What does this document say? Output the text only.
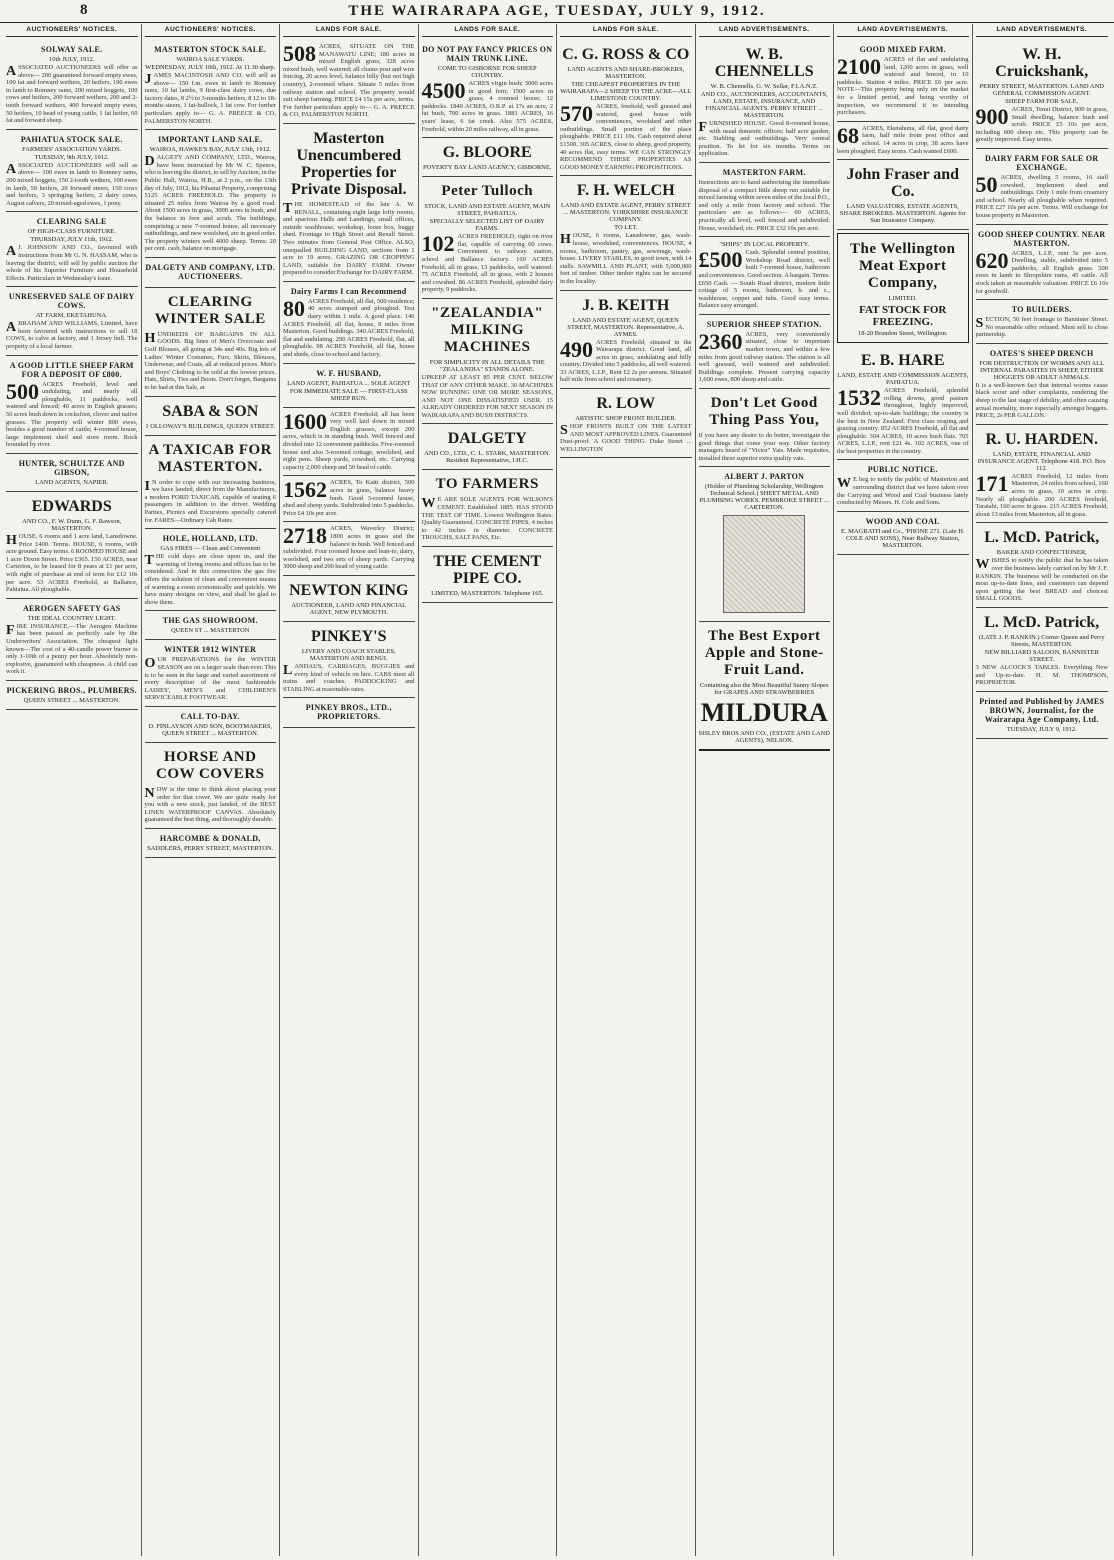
8	THE WAIRARAPA AGE, TUESDAY, JULY 9, 1912.
AUCTIONEERS' NOTICES.
SOLWAY SALE.
10th JULY, 1912.

ASSOCIATED AUCTIONEERS will offer as above— 200 guaranteed forward empty ewes, 100 fat and forward wethers, 20 heifers, 190 ewes in lamb to Romney rams, 200 mixed hoggets, 100 cows and heifers, 200 forward wethers, 200 and 2-tooth forward wethers, 400 forward empty ewes, 50 heifers, 10 head of young cattle, 1 fat heifer, 60 fat and forward sheep.

PAHIATUA STOCK SALE.
FARMERS' ASSOCIATION YARDS.
TUESDAY, 9th JULY, 1912.

ASSOCIATED AUCTIONEERS will sell as above— 100 ewes in lamb to Romney rams, 200 mixed hoggets, 150 2-tooth wethers, 100 ewes in lamb, 50 heifers, 20 forward steers, 150 cows and heifers, 3 springing heifers, 2 dairy cows, August calvers, 20 mixed-aged ewes, 1 pony.

CLEARING SALE
OF HIGH-CLASS FURNITURE.
THURSDAY, JULY 11th, 1912.

A J. JOHNSON AND CO., favoured with instructions from Mr G. N. HASSAM, who is leaving the district, will sell by public auction the whole of his Superior Furniture and Household Effects. Particulars in Wednesday's issue.

UNRESERVED SALE OF DAIRY COWS.
AT FARM, EKETAHUNA.

ABRAHAM AND WILLIAMS, Limited, have been favoured with instructions to sell 18 COWS, to calve at factory, and 1 Jersey bull. The property of a local farmer.

A GOOD LITTLE SHEEP FARM FOR A DEPOSIT OF £800.

500 ACRES Freehold, level and undulating, and nearly all ploughable, 11 paddocks, well watered and fenced; 40 acres in English grasses; 50 acres bush down in cocksfoot, clover and native grasses. The property will winter 800 ewes, besides a good number of cattle; 4-roomed house, large implement shed and store room. Rock bounded by river.

HUNTER, SCHULTZE AND GIBSON,
LAND AGENTS, NAPIER.
EDWARDS
AND CO., F. W. Dunn, G. F. Rawson, MASTERTON.

HOUSE, 6 rooms and 1 acre land, Lansdowne. Price £400. Terms. HOUSE, 6 rooms, with acre ground. Easy terms. 6 ROOMED HOUSE and 1 acre Dixon Street. Price £365. 150 ACRES, near Carterton, to be leased for 8 years at £1 per acre, with right of purchase at end of term for £12 10s per acre. 53 ACRES Freehold, at Ballance, Pahiatua. All ploughable.

AEROGEN SAFETY GAS
THE IDEAL COUNTRY LIGHT.

FIRE INSURANCE.—The Aerogen Machine has been passed as perfectly safe by the Underwriters' Association. The cheapest light known—The cost of a 40-candle power burner is only 1-10th of a penny per hour. Absolutely non-explosive, guaranteed with cheapness. A child can work it.

PICKERING BROS., PLUMBERS.
QUEEN STREET ... MASTERTON.
AUCTIONEERS' NOTICES.
MASTERTON STOCK SALE.
WAIROA SALE YARDS.
WEDNESDAY, JULY 10th, 1912. At 11.30 sharp.

JAMES MACINTOSH AND CO. will sell as above— 150 f.m. ewes in lamb to Romney rams, 10 fat lambs, 9 first-class dairy cows, due factory dates, 8 2½ to 3-months heifers, 8 12 to 18-months steers, 1 fat-bullock, 1 fat cow. For further particulars apply to— G. A. PREECE & CO, PALMERSTON NORTH.

IMPORTANT LAND SALE.
WAIROA, HAWKE'S BAY, JULY 13th, 1912.

DALGETY AND COMPANY, LTD., Wairoa, have been instructed by Mr W. C. Spence, who is leaving the district, to sell by Auction, in the Public Hall, Wairoa, H.B., at 2 p.m., on the 13th day of July, 1912, his Pihanui Property, comprising 5125 ACRES FREEHOLD. The property is situated 25 miles from Wairoa by a good road. About 1500 acres in grass, 3000 acres in bush, and the balance in fern and scrub. The buildings, comprising a new 7-roomed house, all necessary outbuildings, and new woolshed, are in good order. The property winters well 4000 sheep. Terms: 20 per cent. cash, balance on mortgage.

DALGETY AND COMPANY, LTD. AUCTIONEERS.
CLEARING WINTER SALE

HUNDREDS OF BARGAINS IN ALL GOODS. Big lines of Men's Overcoats and Golf Blouses, all going at 34s and 40s. Big lots of Ladies' Winter Costumes, Furs, Skirts, Blouses, Underwear, and Coats, all at reduced prices. Men's and Boys' Clothing to be sold at the lowest prices. Hats, Shirts, Ties and Boots. Don't forget, Bargains to be had at this Sale, at

SABA & SON
1 OLLOWAY'S BUILDINGS, QUEEN STREET.
A TAXICAB FOR MASTERTON.

I N order to cope with our increasing business, we have landed, direct from the Manufacturers, a modern FORD TAXICAB, capable of seating 6 passengers in addition to the driver. Wedding Parties, Picnics and Excursions specially catered for. FARES—Ordinary Cab Rates.

HOLE, HOLLAND, LTD.
GAS FIRES — Clean and Convenient

THE cold days are close upon us, and the warming of living rooms and offices has to be considered. And in this connection the gas fire offers the solution of clean and convenient means of warming a room economically and quickly. We have many designs on view, and shall be glad to show them.

THE GAS SHOWROOM.
QUEEN ST ... MASTERTON
WINTER 1912 WINTER

OUR PREPARATIONS for the WINTER SEASON are on a larger scale than ever. This is to be seen in the large and varied assortment of every description of the most fashionable LADIES', MEN'S and CHILDREN'S SERVICEABLE FOOTWEAR.

CALL TO-DAY.
D. FINLAYSON AND SON, BOOTMAKERS, QUEEN STREET ... MASTERTON.
HORSE AND COW COVERS

NOW is the time to think about placing your order for that cover. We are quite ready for you with a new stock, just landed, of the BEST LINEN WATERPROOF CANVAS. Absolutely guaranteed the best thing, and thoroughly durable.

HARCOMBE & DONALD,
SADDLERS, PERRY STREET, MASTERTON.
LANDS FOR SALE.

508 ACRES, SITUATE ON THE MANAWATU LINE; 180 acres in mixed English grass; 328 acres mixed bush, well watered; all chains post and wire fencing, 20 acres level, balance hilly (but not high country), 2-roomed whare. Situate 5 miles from railway station and school. The property would suit sheep farming. PRICE £4 15s per acre, terms. For further particulars apply to— G. A. PREECE & CO, PALMERSTON NORTH.

Masterton Unencumbered Properties for Private Disposal.

THE HOMESTEAD of the late A. W. RENALL, containing eight large lofty rooms, and spacious Halls and Landings, small offices, outside washhouse, workshop, loose box, buggy shed. Frontage to High Street and Renall Street. Two minutes from General Post Office. ALSO, unequalled BUILDING LAND, sections from 1 acre to 19 acres. GRAZING OR CROPPING LAND, suitable for DAIRY FARM. Owner prepared to consider Exchange for DAIRY FARM.

Dairy Farms I can Recommend

80 ACRES Freehold, all flat, 500 residence; 40 acres stumped and ploughed. Test dairy within 1 mile. A good place. 146 ACRES Freehold, all flat, house, 8 miles from Masterton. Good buildings. 340 ACRES Freehold, flat and undulating. 290 ACRES Freehold, flat, all ploughable. 98 ACRES Freehold, all flat, house and sheds, close to school and factory.

W. F. HUSBAND,
LAND AGENT, PAHIATUA ... SOLE AGENT
FOR IMMEDIATE SALE — FIRST-CLASS SHEEP RUN.

1600 ACRES Freehold; all has been very well laid down in mixed English grasses, except 200 acres, which is in standing bush. Well fenced and divided into 12 convenient paddocks. Five-roomed house and also 3-roomed cottage, woolshed, and eight pens. Sheep yards, cowshed, etc. Carrying capacity 2,000 sheep and 50 head of cattle.

1562 ACRES, To Kaiti district, 500 acres in grass, balance heavy bush. Good 3-roomed house, shed and sheep yards. Subdivided into 5 paddocks. Price £4 10s per acre.

2718 ACRES, Waverley District; 1800 acres in grass and the balance in bush. Well fenced and subdivided. Four roomed house and lean-to, dairy, woolshed, and two sets of sheep yards. Carrying 3000 sheep and 200 head of young cattle.

NEWTON KING
AUCTIONEER, LAND AND FINANCIAL AGENT, NEW PLYMOUTH.
PINKEY'S
LIVERY AND COACH STABLES, MASTERTON AND RENUI.

LANDAUS, CARRIAGES, BUGGIES and every kind of vehicle on hire. CABS meet all trains and coaches. PADDOCKING and STABLING at reasonable rates.

PINKEY BROS., LTD., PROPRIETORS.
LANDS FOR SALE.
DO NOT PAY FANCY PRICES ON MAIN TRUNK LINE.
COME TO GISBORNE FOR SHEEP COUNTRY.

4500 ACRES virgin bush; 3000 acres in good fern; 1500 acres in grass; 4 roomed house; 12 paddocks. 1840 ACRES, O.R.P. at 17s an acre, 2 fat bush, 700 acres in grass. 1881 ACRES, 16 years' lease, 6 fat creek. Also 575 ACRES, Freehold, within 20 miles railway, all in grass.

G. BLOORE
POVERTY BAY LAND AGENCY, GISBORNE.
Peter Tulloch
STOCK, LAND AND ESTATE AGENT, MAIN STREET, PAHIATUA.
SPECIALLY SELECTED LIST OF DAIRY FARMS.

102 ACRES FREEHOLD, right on river flat, capable of carrying 60 cows. Convenient to railway station, school and Ballance factory. 160 ACRES Freehold, all in grass, 13 paddocks, well watered. 75 ACRES Freehold, all in grass, with 2 houses and cowshed. 86 ACRES Freehold, splendid dairy property, 9 paddocks.

"ZEALANDIA" MILKING MACHINES
FOR SIMPLICITY IN ALL DETAILS THE "ZEALANDIA" STANDS ALONE.

UPKEEP AT LEAST 85 PER CENT. BELOW THAT OF ANY OTHER MAKE. 30 MACHINES NOW RUNNING ONE OR MORE SEASONS, AND NOT ONE DISSATISFIED USER. 15 ALREADY ORDERED FOR NEXT SEASON IN WAIRARAPA AND BUSH DISTRICTS.

DALGETY
AND CO., LTD., C. L. STARK, MASTERTON. Resident Representative, I.H.C.
TO FARMERS

W E ARE SOLE AGENTS FOR WILSON'S CEMENT. Established 1885. HAS STOOD THE TEST OF TIME. Lowest Wellington Rates. Quality Guaranteed. CONCRETE PIPES, 4 inches to 42 inches in diameter. CONCRETE TROUGHS, SALT PANS, Etc.

THE CEMENT PIPE CO.
LIMITED, MASTERTON. Telephone 165.
LANDS FOR SALE.
C. G. ROSS & CO
LAND AGENTS AND SHARE-BROKERS, MASTERTON.
THE CHEAPEST PROPERTIES IN THE WAIRARAPA—2 SHEEP TO THE ACRE—ALL LIMESTONE COUNTRY.

570 ACRES, freehold, well grassed and watered, good house with conveniences, woolshed and other outbuildings. Small portion of the place ploughable. PRICE £11 10s. Cash required about £1500. 305 ACRES, close to sheep, good property, 40 acres flat, easy terms. WE CAN STRONGLY RECOMMEND THESE PROPERTIES AS GOOD MONEY EARNING PROPOSITIONS.

F. H. WELCH
LAND AND ESTATE AGENT, PERRY STREET ... MASTERTON. YORKSHIRE INSURANCE COMPANY.
TO LET.

HOUSE, 6 rooms, Lansdowne, gas, wash-house, woodshed, conveniences. HOUSE, 4 rooms, bathroom, pantry, gas, sewerage, wash-house. LIVERY STABLES, in good town, with 14 stalls. SAWMILL AND PLANT, with 5,000,000 feet of timber. Other timber rights can be secured in the locality.

J. B. KEITH
LAND AND ESTATE AGENT, QUEEN STREET, MASTERTON. Representative, A. AYMES.

490 ACRES Freehold, situated in the Wairarapa district. Good land, all acres in grass, undulating and hilly country. Divided into 5 paddocks, all well watered. 33 ACRES, L.I.P., Rent £2 2s per annum. Situated half mile from school and creamery.

R. LOW
ARTISTIC SHOP FRONT BUILDER.

SHOP FRONTS BUILT ON THE LATEST AND MOST APPROVED LINES. Guaranteed Dust-proof. A GOOD THING. Duke Street ... WELLINGTON

LAND ADVERTISEMENTS.
W. B. CHENNELLS
W. B. Chennells. G. W. Sellar, F.I.A.N.Z.
AND CO., AUCTIONEERS, ACCOUNTANTS, LAND, ESTATE, INSURANCE, AND FINANCIAL AGENTS. PERRY STREET ... MASTERTON.

FURNISHED HOUSE. Good 8-roomed house, with usual domestic offices; half acre garden, etc. Stabling and outbuildings. Very central position. To let for six months. Terms on application.

MASTERTON FARM.

Instructions are to hand authorising the immediate disposal of a compact little sheep run suitable for mixed farming within seven miles of the local P.O., and only a mile from factory and school. The particulars are as follows:— 60 ACRES, practically all level, well fenced and subdivided. House, woolshed, etc. PRICE £32 10s per acre.

"SHIPS" IN LOCAL PROPERTY.

£500 Cash. Splendid central position, Workshop Road district, well built 7-roomed house, bathroom and conveniences. Good section. A bargain. Terms. £650 Cash. — South Road district, modern little cottage of 5 rooms, bathroom, h. and c., washhouse, copper and tubs. Good easy terms. Balance easy arranged.

SUPERIOR SHEEP STATION.

2360 ACRES, very conveniently situated, close to important market town, and within a few miles from good railway station. The station is all well grassed, well watered and subdivided. Buildings complete. Present carrying capacity 1,600 ewes, 800 sheep and cattle.

Don't Let Good Thing Pass You,

If you have any desire to do better, investigate the good things that come your way. Other factory managers heard of "Victor" Vats. Made requisites, installed these superior extra quality vats.

ALBERT J. PARTON
(Holder of Plumbing Scholarship, Wellington Technical School.) SHEET METAL AND PLUMBING WORKS. PEMBROKE STREET ... CARTERTON.
The Best Export Apple and Stone-Fruit Land.
Containing also the Most Beautiful Sunny Slopes for GRAPES AND STRAWBERRIES
MILDURA
SISLEY BROS AND CO., (ESTATE AND LAND AGENTS), NELSON.
LAND ADVERTISEMENTS.
GOOD MIXED FARM.

2100 ACRES of flat and undulating land, 1200 acres in grass, well watered and fenced, in 10 paddocks. Station 4 miles. PRICE £6 per acre. NOTE—This property being only on the market for a limited period, and being worthy of inspection, we recommend it to intending purchasers.

68 ACRES, Eketahuna, all flat, good dairy farm, half mile from post office and school. 14 acres in crop, 38 acres have been ploughed. Easy terms. Cash wanted £600.

John Fraser and Co.
LAND VALUATORS, ESTATE AGENTS, SHARE BROKERS. MASTERTON. Agents for Sun Insurance Company.
The Wellington Meat Export Company,
LIMITED.
FAT STOCK FOR FREEZING.
18-20 Brandon Street, Wellington.
E. B. HARE
LAND, ESTATE AND COMMISSION AGENTS, PAHIATUA.

1532 ACRES Freehold, splendid rolling downs, good pasture throughout, highly improved, well divided; up-to-date buildings; the country is the best in New Zealand. First class reaping and grazing country. 852 ACRES Freehold, all flat and ploughable. 304 ACRES, 10 acres bush flats. 705 ACRES, L.I.P., rent £21 4s. 102 ACRES, one of the best properties in the country.

PUBLIC NOTICE.

W E beg to notify the public of Masterton and surrounding district that we have taken over the Carrying and Wood and Coal business lately conducted by Messrs. H. Cole and Sons.

WOOD AND COAL
E. MAGRATH and Co., 'PHONE 271. (Late H. COLE AND SONS), Near Railway Station, MASTERTON.
LAND ADVERTISEMENTS.
W. H. Cruickshank,
PERRY STREET, MASTERTON. LAND AND GENERAL COMMISSION AGENT.
SHEEP FARM FOR SALE.

900 ACRES, Tenui District, 800 in grass, Small dwelling, balance bush and scrub. PRICE £5 10s per acre, including 600 sheep etc. This property can be greatly improved. Easy terms.

DAIRY FARM FOR SALE OR EXCHANGE.

50 ACRES, dwelling 5 rooms, 16 stall cowshed, implement shed and outbuildings. Only 1 mile from creamery and school. Nearly all ploughable when required. PRICE £27 10s per acre. Terms. Will exchange for house property in Masterton.

GOOD SHEEP COUNTRY. NEAR MASTERTON.

620 ACRES, L.I.P., rent 5s per acre. Dwelling, stable, subdivided into 5 paddocks, all English grass. 500 ewes in lamb to Shropshire rams, 45 cattle. All stock taken at reasonable valuation. PRICE £6 10s for goodwill.

TO BUILDERS.

SECTION, 50 feet frontage to Bannister Street. No reasonable offer refused. Must sell to close partnership.

OATES'S SHEEP DRENCH
FOR DESTRUCTION OF WORMS AND ALL INTERNAL PARASITES IN SHEEP, EITHER HOGGETS OR ADULT ANIMALS.

It is a well-known fact that internal worms cause black scour and other complaints, rendering the sheep to the last stage of debility, and often causing actual mortality, more especially amongst hoggets. PRICE, 2s PER GALLON.

R. U. HARDEN.
LAND, ESTATE, FINANCIAL AND INSURANCE AGENT. Telephone 418. P.O. Box 112.

171 ACRES Freehold, 12 miles from Masterton, 24 miles from school, 160 acres in grass, 10 acres in crop. Nearly all ploughable. 200 ACRES freehold, Taratahi, 160 acres in grass. 215 ACRES Freehold, about 13 miles from Masterton, all in grass.

L. McD. Patrick,
BAKER AND CONFECTIONER,

WISHES to notify the public that he has taken over the business lately carried on by Mr J. F. RANKIN. The business will be conducted on the most up-to-date lines, and customers can depend upon getting the best BREAD and choicest SMALL GOODS.

L. McD. Patrick,
(LATE J. P. RANKIN.) Corner Queen and Perry Streets, MASTERTON.
NEW BILLIARD SALOON, BANNISTER STREET.

3 NEW ALCOCK'S TABLES. Everything New and Up-to-date. H. M. THOMPSON, PROPRIETOR.

Printed and Published by JAMES BROWN, Journalist, for the Wairarapa Age Company, Ltd.
TUESDAY, JULY 9, 1912.
